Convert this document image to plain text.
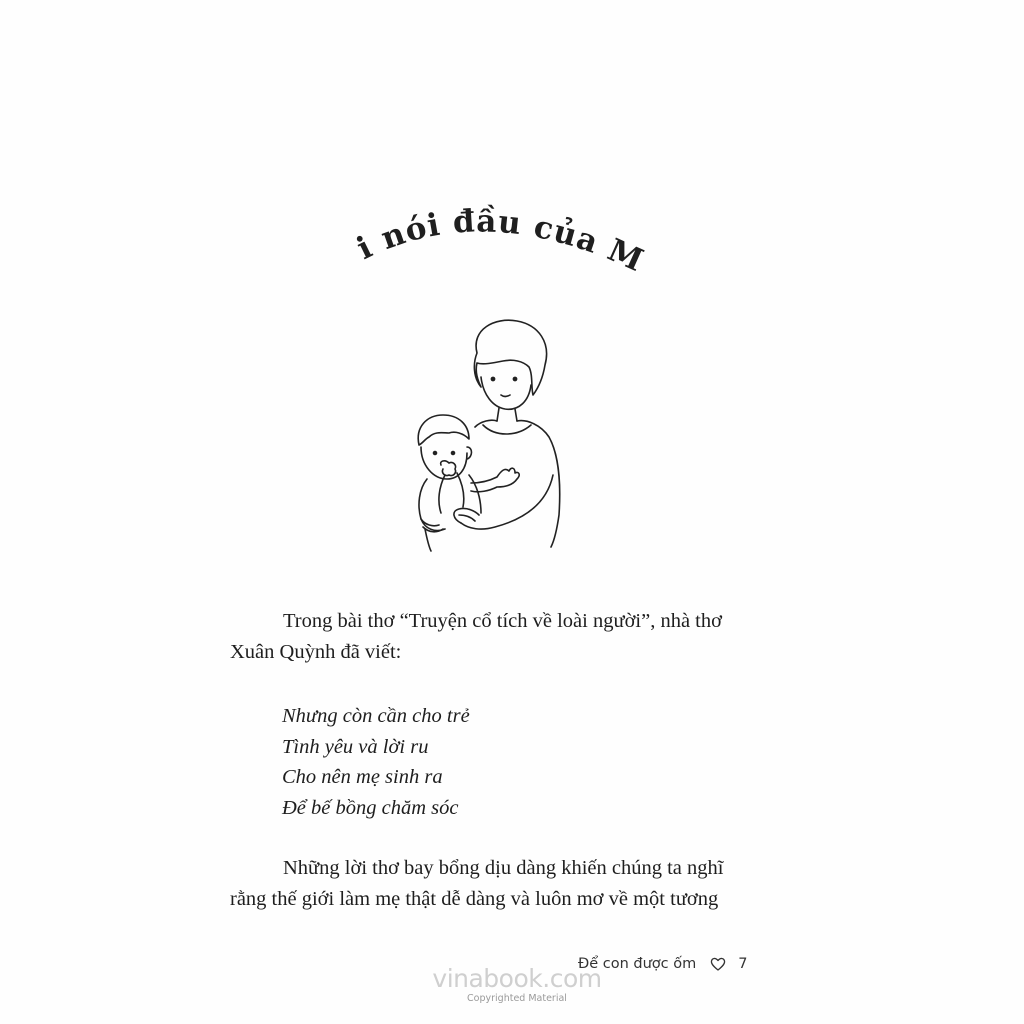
Lời nói đầu của Mẹ
Trong bài thơ “Truyện cổ tích về loài người”, nhà thơ
Xuân Quỳnh đã viết:
Nhưng còn cần cho trẻ
Tình yêu và lời ru
Cho nên mẹ sinh ra
Để bế bồng chăm sóc
Những lời thơ bay bổng dịu dàng khiến chúng ta nghĩ
rằng thế giới làm mẹ thật dễ dàng và luôn mơ về một tương
Để con được ốm	7
vinabook.com
Copyrighted Material
